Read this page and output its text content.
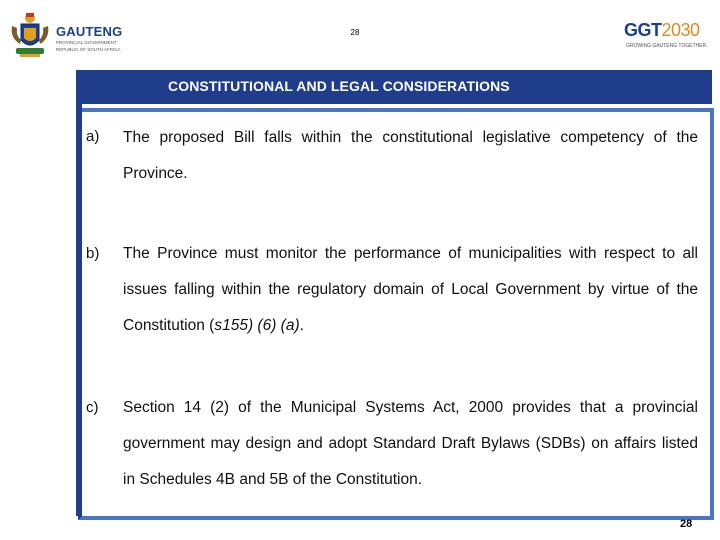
GAUTENG
PROVINCIAL GOVERNMENT
REPUBLIC OF SOUTH AFRICA
28	GGT2030
GROWING GAUTENG TOGETHER
CONSTITUTIONAL AND LEGAL CONSIDERATIONS
a) The proposed Bill falls within the constitutional legislative competency of the Province.
b) The Province must monitor the performance of municipalities with respect to all issues falling within the regulatory domain of Local Government by virtue of the Constitution (s155) (6) (a).
c) Section 14 (2) of the Municipal Systems Act, 2000 provides that a provincial government may design and adopt Standard Draft Bylaws (SDBs) on affairs listed in Schedules 4B and 5B of the Constitution.
28
